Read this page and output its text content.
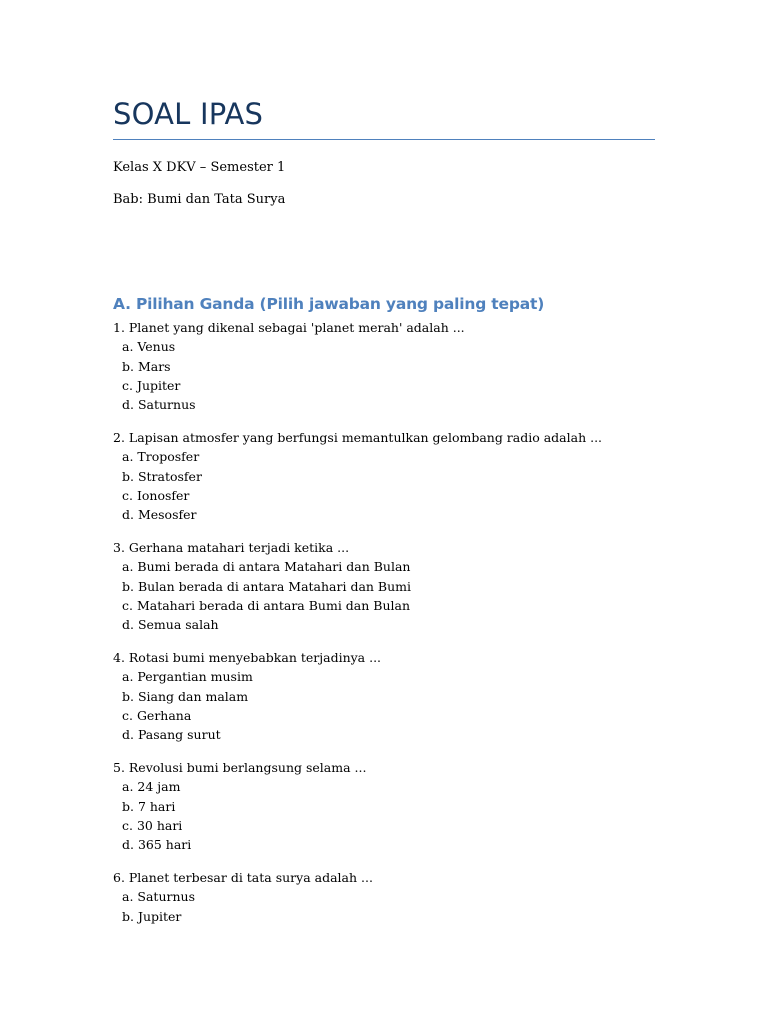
SOAL IPAS

Kelas X DKV – Semester 1

Bab: Bumi dan Tata Surya

A. Pilihan Ganda (Pilih jawaban yang paling tepat)
1. Planet yang dikenal sebagai 'planet merah' adalah ...
a. Venus
b. Mars
c. Jupiter
d. Saturnus
2. Lapisan atmosfer yang berfungsi memantulkan gelombang radio adalah ...
a. Troposfer
b. Stratosfer
c. Ionosfer
d. Mesosfer
3. Gerhana matahari terjadi ketika ...
a. Bumi berada di antara Matahari dan Bulan
b. Bulan berada di antara Matahari dan Bumi
c. Matahari berada di antara Bumi dan Bulan
d. Semua salah
4. Rotasi bumi menyebabkan terjadinya ...
a. Pergantian musim
b. Siang dan malam
c. Gerhana
d. Pasang surut
5. Revolusi bumi berlangsung selama ...
a. 24 jam
b. 7 hari
c. 30 hari
d. 365 hari
6. Planet terbesar di tata surya adalah ...
a. Saturnus
b. Jupiter
